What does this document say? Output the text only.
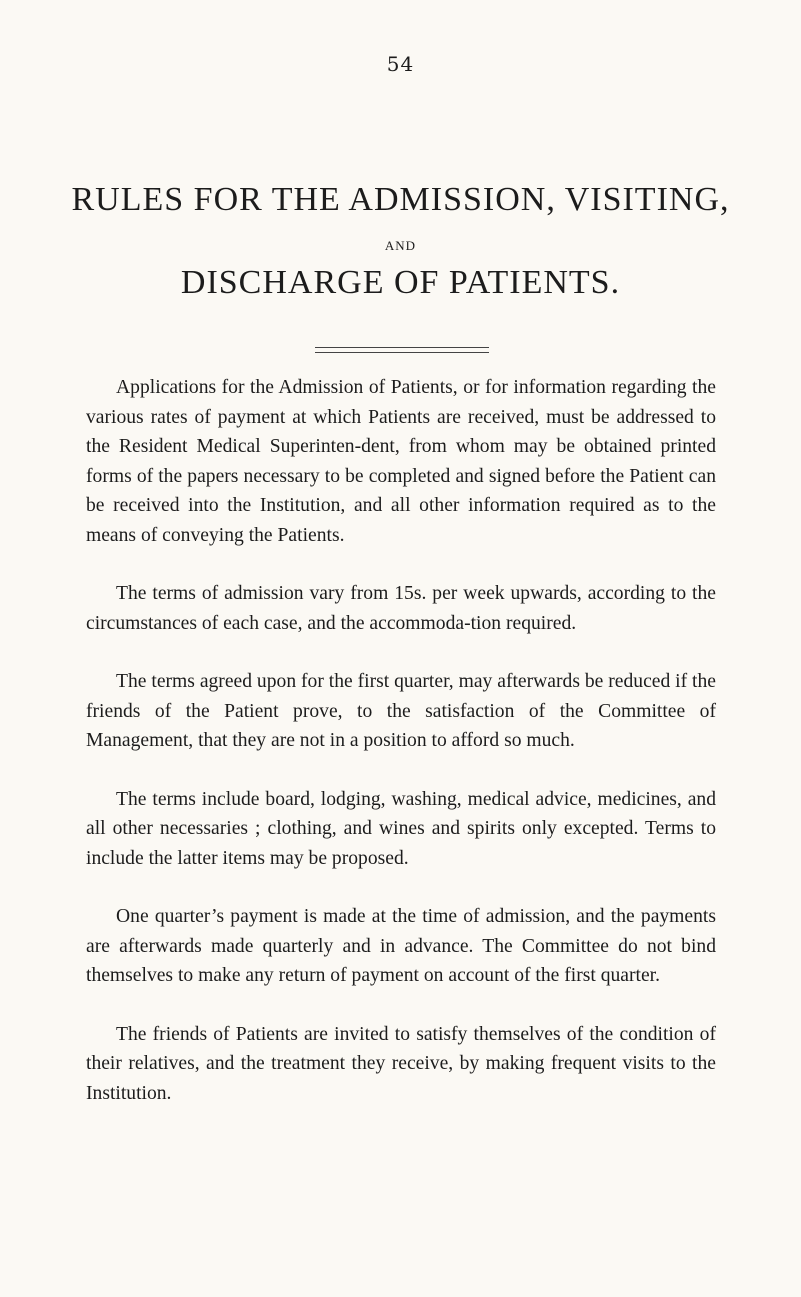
54
RULES FOR THE ADMISSION, VISITING,
AND
DISCHARGE OF PATIENTS.

Applications for the Admission of Patients, or for information regarding the various rates of payment at which Patients are received, must be addressed to the Resident Medical Superinten-dent, from whom may be obtained printed forms of the papers necessary to be completed and signed before the Patient can be received into the Institution, and all other information required as to the means of conveying the Patients.

The terms of admission vary from 15s. per week upwards, according to the circumstances of each case, and the accommoda-tion required.

The terms agreed upon for the first quarter, may afterwards be reduced if the friends of the Patient prove, to the satisfaction of the Committee of Management, that they are not in a position to afford so much.

The terms include board, lodging, washing, medical advice, medicines, and all other necessaries ; clothing, and wines and spirits only excepted. Terms to include the latter items may be proposed.

One quarter’s payment is made at the time of admission, and the payments are afterwards made quarterly and in advance. The Committee do not bind themselves to make any return of payment on account of the first quarter.

The friends of Patients are invited to satisfy themselves of the condition of their relatives, and the treatment they receive, by making frequent visits to the Institution.
